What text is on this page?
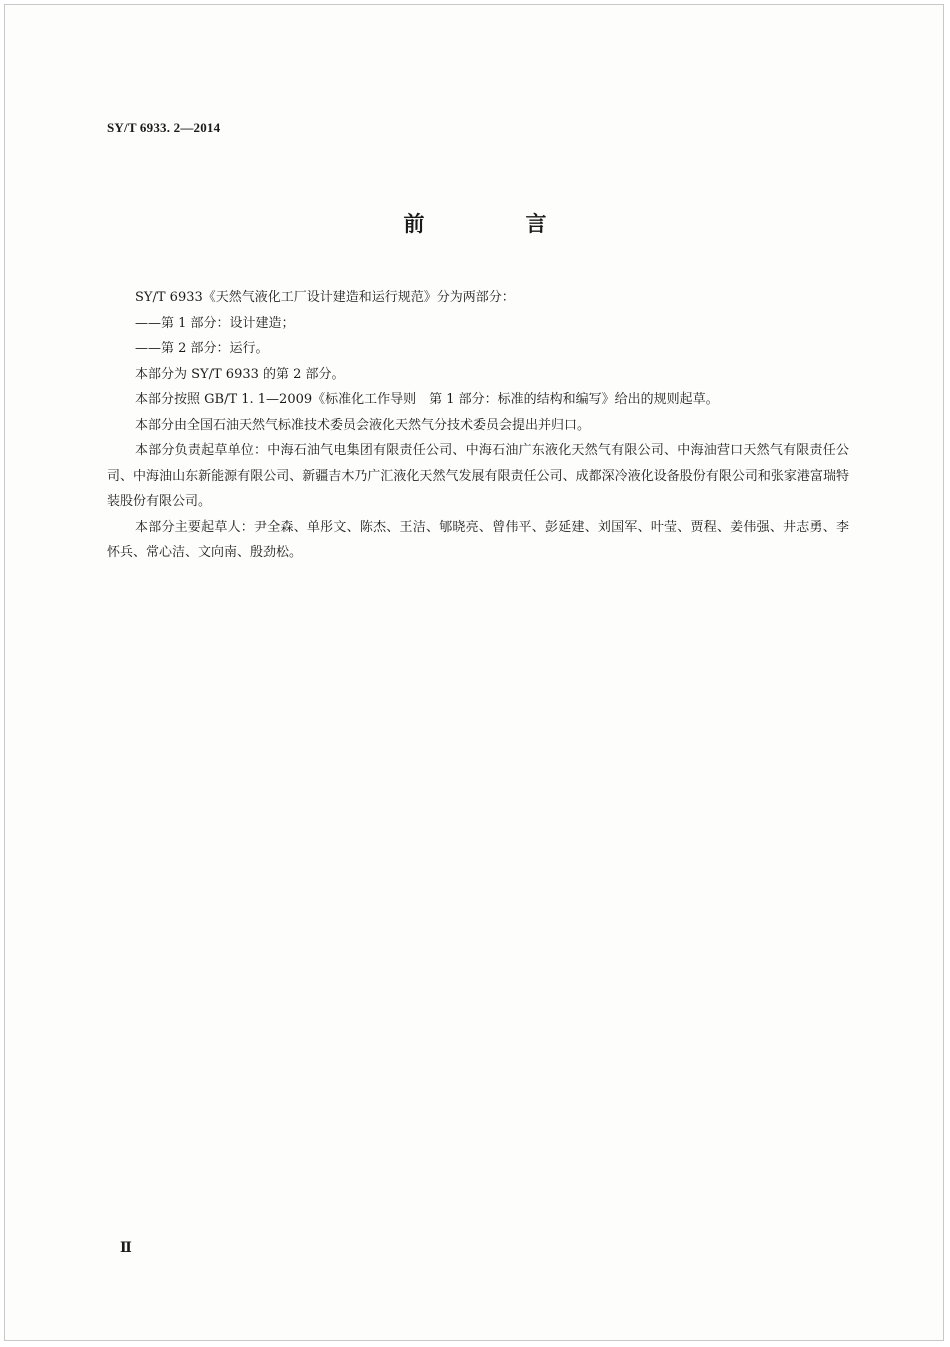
SY/T 6933. 2—2014
前　言

SY/T 6933《天然气液化工厂设计建造和运行规范》分为两部分：

——第 1 部分：设计建造；

——第 2 部分：运行。

本部分为 SY/T 6933 的第 2 部分。

本部分按照 GB/T 1. 1—2009《标准化工作导则　第 1 部分：标准的结构和编写》给出的规则起草。

本部分由全国石油天然气标准技术委员会液化天然气分技术委员会提出并归口。

本部分负责起草单位：中海石油气电集团有限责任公司、中海石油广东液化天然气有限公司、中海油营口天然气有限责任公司、中海油山东新能源有限公司、新疆吉木乃广汇液化天然气发展有限责任公司、成都深冷液化设备股份有限公司和张家港富瑞特装股份有限公司。

本部分主要起草人：尹全森、单彤文、陈杰、王洁、郇晓亮、曾伟平、彭延建、刘国军、叶莹、贾程、姜伟强、井志勇、李怀兵、常心洁、文向南、殷劲松。

Ⅱ
